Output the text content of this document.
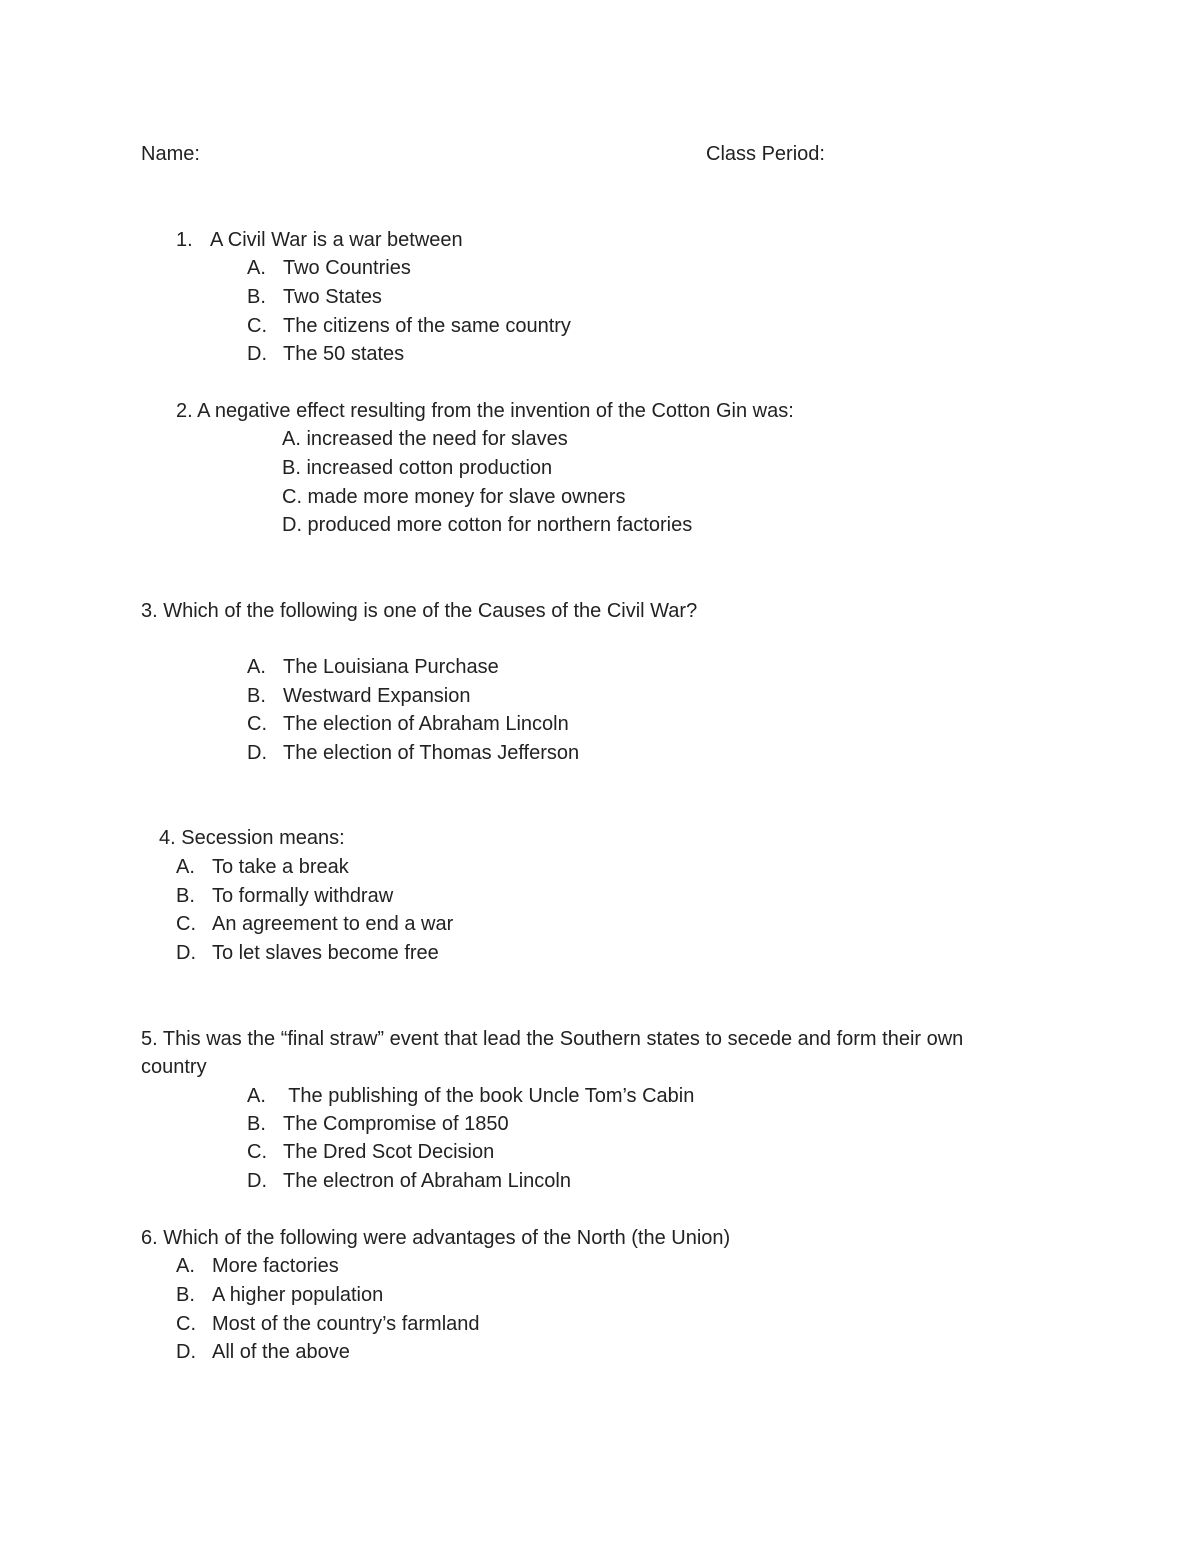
Name:	Class Period:
1. A Civil War is a war between
A. Two Countries
B. Two States
C. The citizens of the same country
D. The 50 states
2. A negative effect resulting from the invention of the Cotton Gin was:
A. increased the need for slaves
B. increased cotton production
C. made more money for slave owners
D. produced more cotton for northern factories
3. Which of the following is one of the Causes of the Civil War?
A. The Louisiana Purchase
B. Westward Expansion
C. The election of Abraham Lincoln
D. The election of Thomas Jefferson
4. Secession means:
A. To take a break
B. To formally withdraw
C. An agreement to end a war
D. To let slaves become free
5. This was the “final straw” event that lead the Southern states to secede and form their own
country
A. The publishing of the book Uncle Tom’s Cabin
B. The Compromise of 1850
C. The Dred Scot Decision
D. The electron of Abraham Lincoln
6. Which of the following were advantages of the North (the Union)
A. More factories
B. A higher population
C. Most of the country’s farmland
D. All of the above
